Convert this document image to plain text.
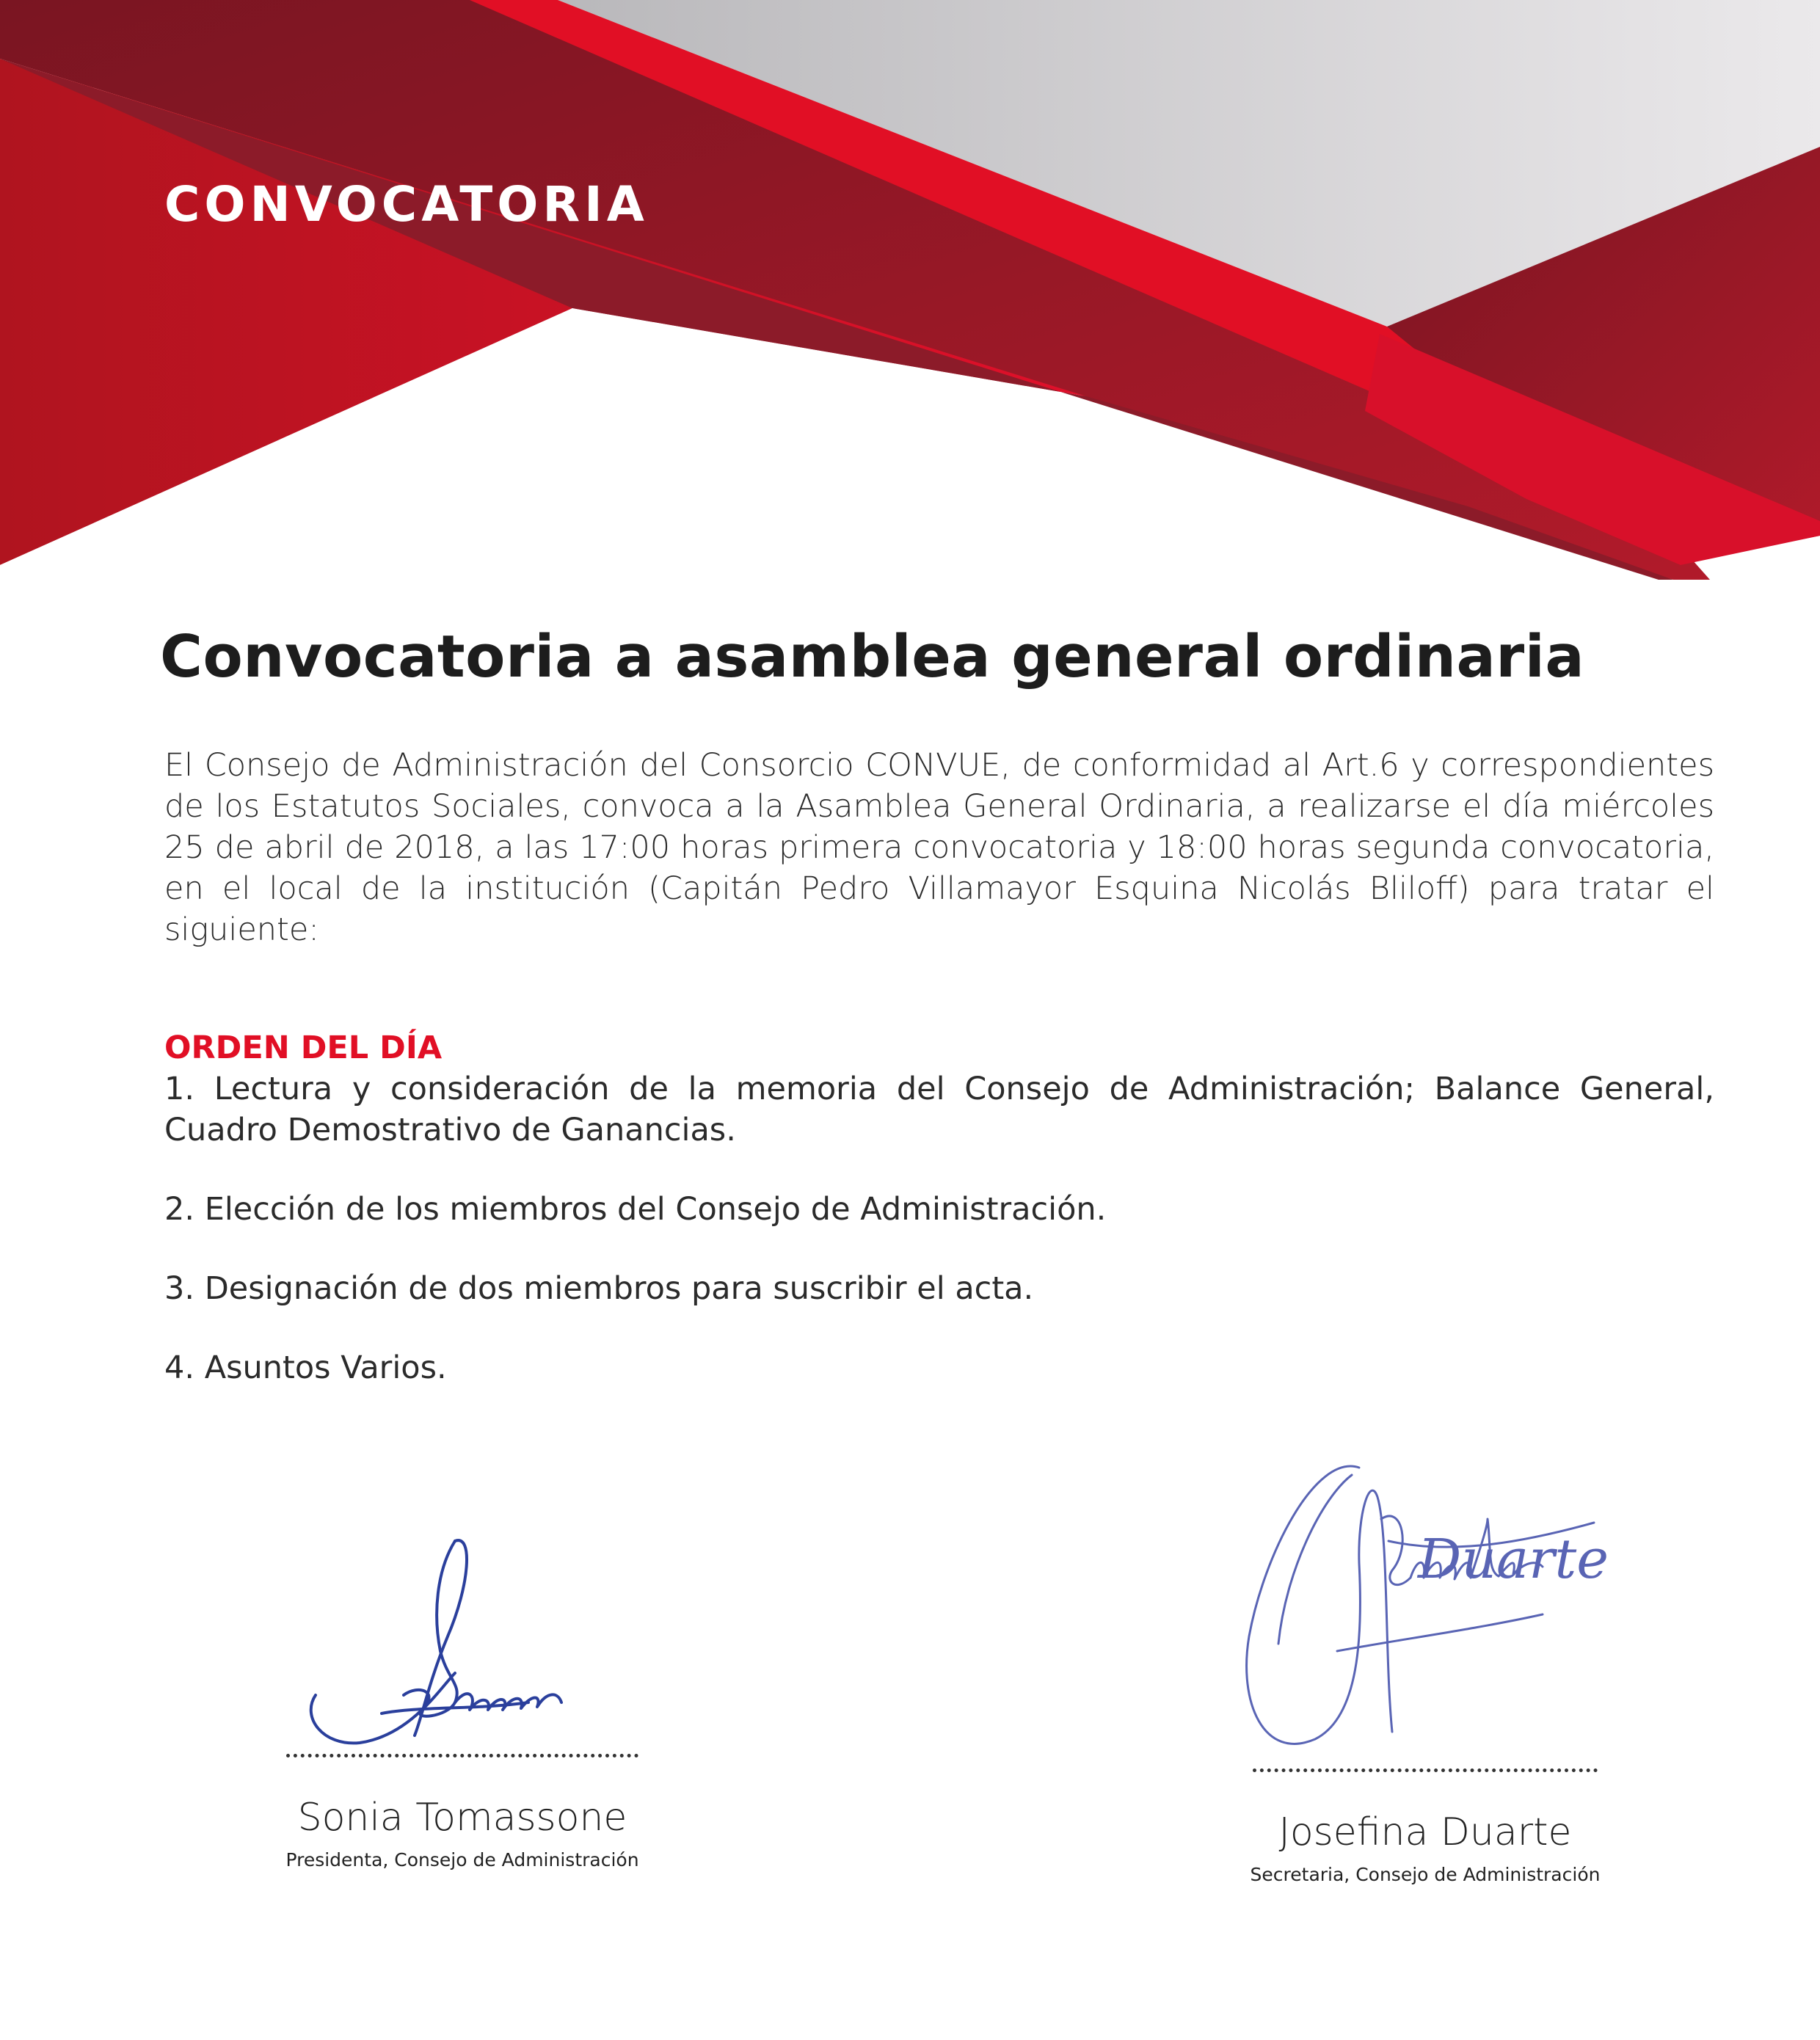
CONVOCATORIA
Convocatoria a asamblea general ordinaria

El Consejo de Administración del Consorcio CONVUE, de conformidad al Art.6 y correspondientes de los Estatutos Sociales, convoca a la Asamblea General Ordinaria, a realizarse el día miércoles 25 de abril de 2018, a las 17:00 horas primera convocatoria y 18:00 horas segunda convocatoria, en el local de la institución (Capitán Pedro Villamayor Esquina Nicolás Bliloff) para tratar el siguiente:

ORDEN DEL DÍA
1. Lectura y consideración de la memoria del Consejo de Administración; Balance General, Cuadro Demostrativo de Ganancias.
2. Elección de los miembros del Consejo de Administración.
3. Designación de dos miembros para suscribir el acta.
4. Asuntos Varios.
Sonia Tomassone
Presidenta, Consejo de Administración
Duarte
Josefina Duarte
Secretaria, Consejo de Administración
